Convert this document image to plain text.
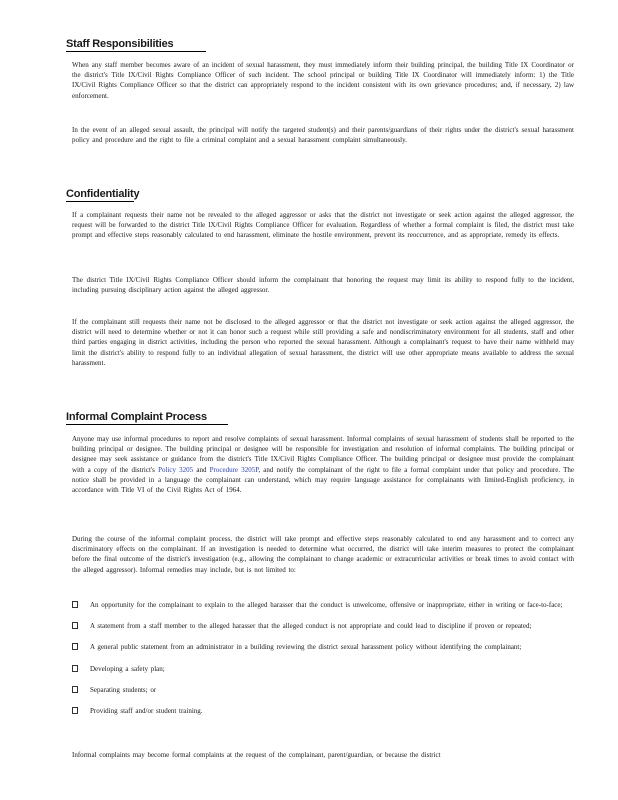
Staff Responsibilities

When any staff member becomes aware of an incident of sexual harassment, they must immediately inform their building principal, the building Title IX Coordinator or the district's Title IX/Civil Rights Compliance Officer of such incident. The school principal or building Title IX Coordinator will immediately inform: 1) the Title IX/Civil Rights Compliance Officer so that the district can appropriately respond to the incident consistent with its own grievance procedures; and, if necessary, 2) law enforcement.

In the event of an alleged sexual assault, the principal will notify the targeted student(s) and their parents/guardians of their rights under the district's sexual harassment policy and procedure and the right to file a criminal complaint and a sexual harassment complaint simultaneously.

Confidentiality

If a complainant requests their name not be revealed to the alleged aggressor or asks that the district not investigate or seek action against the alleged aggressor, the request will be forwarded to the district Title IX/Civil Rights Compliance Officer for evaluation. Regardless of whether a formal complaint is filed, the district must take prompt and effective steps reasonably calculated to end harassment, eliminate the hostile environment, prevent its reoccurrence, and as appropriate, remedy its effects.

The district Title IX/Civil Rights Compliance Officer should inform the complainant that honoring the request may limit its ability to respond fully to the incident, including pursuing disciplinary action against the alleged aggressor.

If the complainant still requests their name not be disclosed to the alleged aggressor or that the district not investigate or seek action against the alleged aggressor, the district will need to determine whether or not it can honor such a request while still providing a safe and nondiscriminatory environment for all students, staff and other third parties engaging in district activities, including the person who reported the sexual harassment. Although a complainant's request to have their name withheld may limit the district's ability to respond fully to an individual allegation of sexual harassment, the district will use other appropriate means available to address the sexual harassment.

Informal Complaint Process

Anyone may use informal procedures to report and resolve complaints of sexual harassment. Informal complaints of sexual harassment of students shall be reported to the building principal or designee. The building principal or designee will be responsible for investigation and resolution of informal complaints. The building principal or designee may seek assistance or guidance from the district's Title IX/Civil Rights Compliance Officer. The building principal or designee must provide the complainant with a copy of the district's Policy 3205 and Procedure 3205P, and notify the complainant of the right to file a formal complaint under that policy and procedure. The notice shall be provided in a language the complainant can understand, which may require language assistance for complainants with limited-English proficiency, in accordance with Title VI of the Civil Rights Act of 1964.

During the course of the informal complaint process, the district will take prompt and effective steps reasonably calculated to end any harassment and to correct any discriminatory effects on the complainant. If an investigation is needed to determine what occurred, the district will take interim measures to protect the complainant before the final outcome of the district's investigation (e.g., allowing the complainant to change academic or extracurricular activities or break times to avoid contact with the alleged aggressor). Informal remedies may include, but is not limited to:

An opportunity for the complainant to explain to the alleged harasser that the conduct is unwelcome, offensive or inappropriate, either in writing or face-to-face;
A statement from a staff member to the alleged harasser that the alleged conduct is not appropriate and could lead to discipline if proven or repeated;
A general public statement from an administrator in a building reviewing the district sexual harassment policy without identifying the complainant;
Developing a safety plan;
Separating students; or
Providing staff and/or student training.

Informal complaints may become formal complaints at the request of the complainant, parent/guardian, or because the district
